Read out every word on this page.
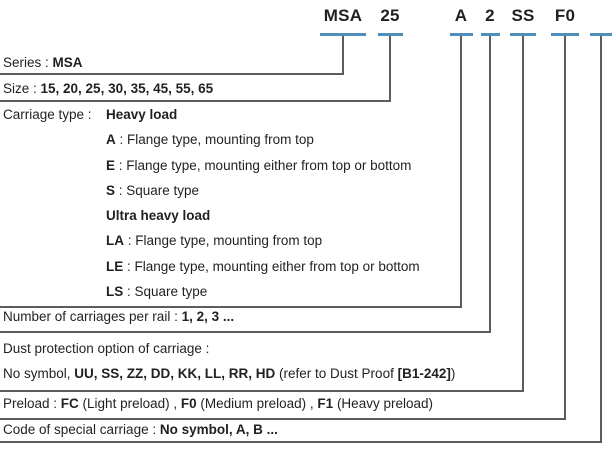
MSA 25	A 2 SS F0
Series : MSA
Size : 15, 20, 25, 30, 35, 45, 55, 65
Carriage type : Heavy load
A : Flange type, mounting from top
E : Flange type, mounting either from top or bottom
S : Square type
Ultra heavy load
LA : Flange type, mounting from top
LE : Flange type, mounting either from top or bottom
LS : Square type
Number of carriages per rail : 1, 2, 3 ...
Dust protection option of carriage :
No symbol, UU, SS, ZZ, DD, KK, LL, RR, HD (refer to Dust Proof [B1-242])
Preload : FC (Light preload) , F0 (Medium preload) , F1 (Heavy preload)
Code of special carriage : No symbol, A, B ...
